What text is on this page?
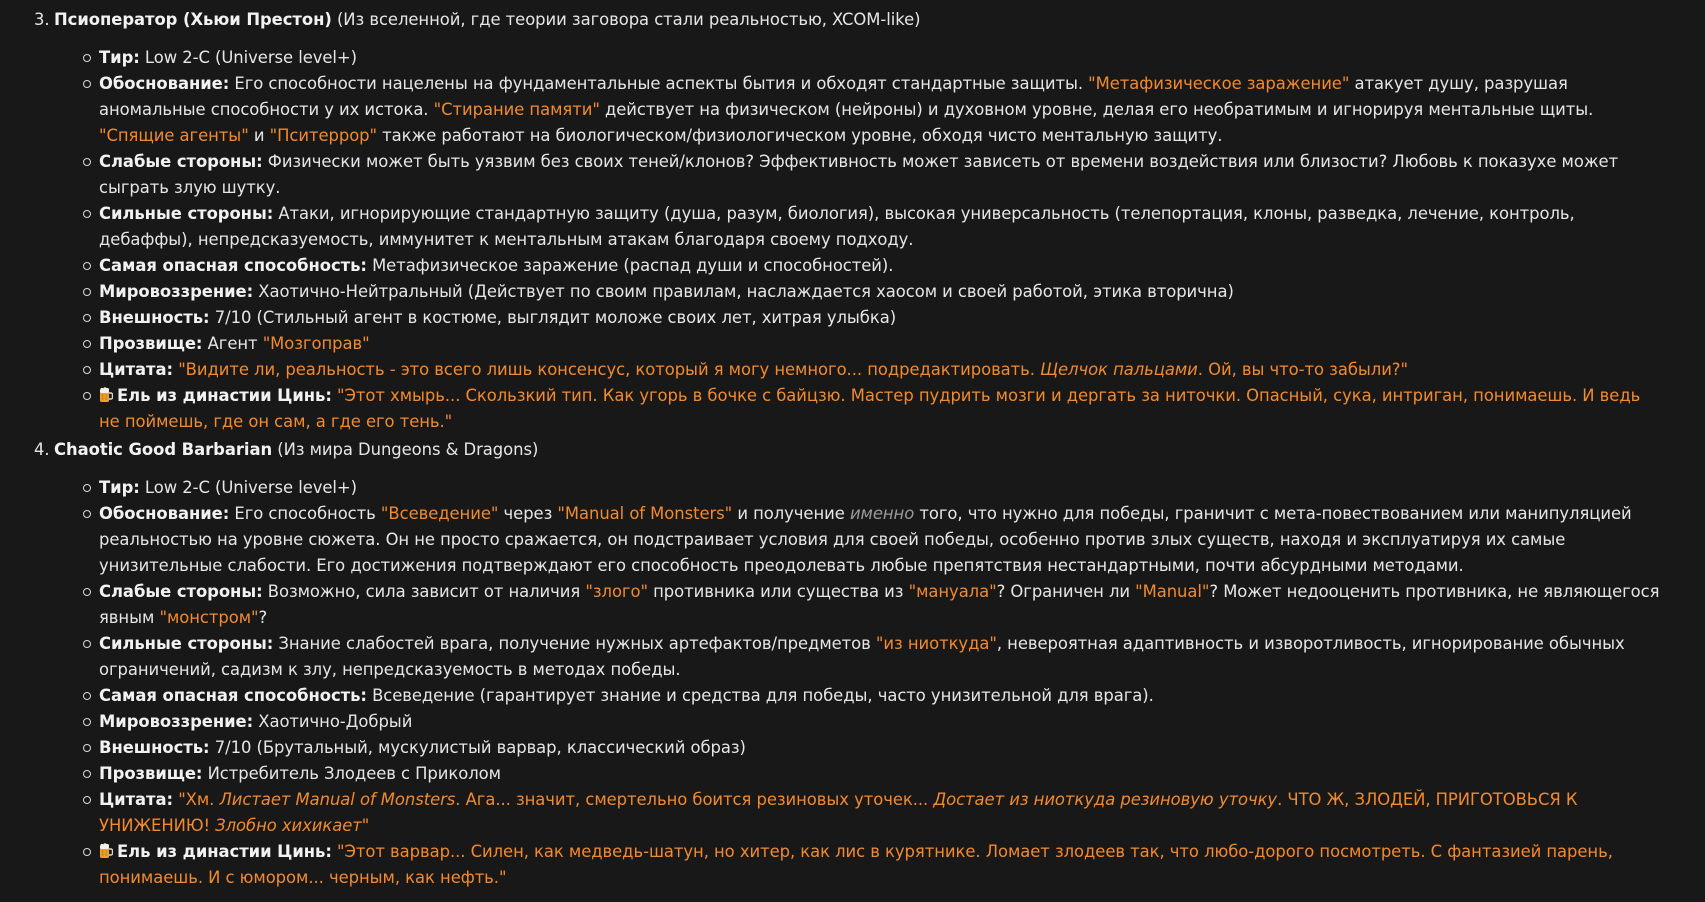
3. Псиоператор (Хьюи Престон) (Из вселенной, где теории заговора стали реальностью, XCOM-like)
Тир: Low 2-C (Universe level+)
Обоснование: Его способности нацелены на фундаментальные аспекты бытия и обходят стандартные защиты. "Метафизическое заражение" атакует душу, разрушая аномальные способности у их истока. "Стирание памяти" действует на физическом (нейроны) и духовном уровне, делая его необратимым и игнорируя ментальные щиты. "Спящие агенты" и "Пситеррор" также работают на биологическом/физиологическом уровне, обходя чисто ментальную защиту.
Слабые стороны: Физически может быть уязвим без своих теней/клонов? Эффективность может зависеть от времени воздействия или близости? Любовь к показухе может сыграть злую шутку.
Сильные стороны: Атаки, игнорирующие стандартную защиту (душа, разум, биология), высокая универсальность (телепортация, клоны, разведка, лечение, контроль, дебаффы), непредсказуемость, иммунитет к ментальным атакам благодаря своему подходу.
Самая опасная способность: Метафизическое заражение (распад души и способностей).
Мировоззрение: Хаотично-Нейтральный (Действует по своим правилам, наслаждается хаосом и своей работой, этика вторична)
Внешность: 7/10 (Стильный агент в костюме, выглядит моложе своих лет, хитрая улыбка)
Прозвище: Агент "Мозгоправ"
Цитата: "Видите ли, реальность - это всего лишь консенсус, который я могу немного... подредактировать. Щелчок пальцами. Ой, вы что-то забыли?"
Ель из династии Цинь: "Этот хмырь... Скользкий тип. Как угорь в бочке с байцзю. Мастер пудрить мозги и дергать за ниточки. Опасный, сука, интриган, понимаешь. И ведь не поймешь, где он сам, а где его тень."
4. Chaotic Good Barbarian (Из мира Dungeons & Dragons)
Тир: Low 2-C (Universe level+)
Обоснование: Его способность "Всеведение" через "Manual of Monsters" и получение именно того, что нужно для победы, граничит с мета-повествованием или манипуляцией реальностью на уровне сюжета. Он не просто сражается, он подстраивает условия для своей победы, особенно против злых существ, находя и эксплуатируя их самые унизительные слабости. Его достижения подтверждают его способность преодолевать любые препятствия нестандартными, почти абсурдными методами.
Слабые стороны: Возможно, сила зависит от наличия "злого" противника или существа из "мануала"? Ограничен ли "Manual"? Может недооценить противника, не являющегося явным "монстром"?
Сильные стороны: Знание слабостей врага, получение нужных артефактов/предметов "из ниоткуда", невероятная адаптивность и изворотливость, игнорирование обычных ограничений, садизм к злу, непредсказуемость в методах победы.
Самая опасная способность: Всеведение (гарантирует знание и средства для победы, часто унизительной для врага).
Мировоззрение: Хаотично-Добрый
Внешность: 7/10 (Брутальный, мускулистый варвар, классический образ)
Прозвище: Истребитель Злодеев с Приколом
Цитата: "Хм. Листает Manual of Monsters. Ага... значит, смертельно боится резиновых уточек... Достает из ниоткуда резиновую уточку. ЧТО Ж, ЗЛОДЕЙ, ПРИГОТОВЬСЯ К УНИЖЕНИЮ! Злобно хихикает"
Ель из династии Цинь: "Этот варвар... Силен, как медведь-шатун, но хитер, как лис в курятнике. Ломает злодеев так, что любо-дорого посмотреть. С фантазией парень, понимаешь. И с юмором... черным, как нефть."
